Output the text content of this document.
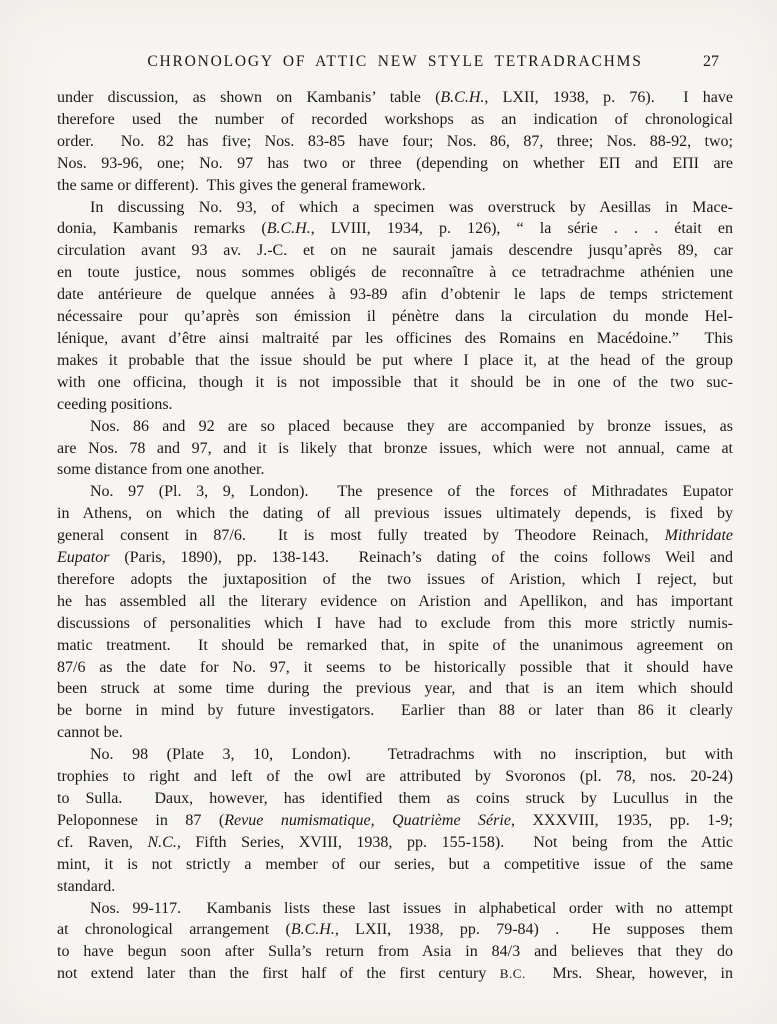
CHRONOLOGY OF ATTIC NEW STYLE TETRADRACHMS	27
under discussion, as shown on Kambanis’ table (B.C.H., LXII, 1938, p. 76).  I have
therefore used the number of recorded workshops as an indication of chronological
order.  No. 82 has five; Nos. 83-85 have four; Nos. 86, 87, three; Nos. 88-92, two;
Nos. 93-96, one; No. 97 has two or three (depending on whether ΕΠ and ΕΠΙ are
the same or different).  This gives the general framework.
In discussing No. 93, of which a specimen was overstruck by Aesillas in Mace-
donia, Kambanis remarks (B.C.H., LVIII, 1934, p. 126), “ la série . . . était en
circulation avant 93 av. J.-C. et on ne saurait jamais descendre jusqu’après 89, car
en toute justice, nous sommes obligés de reconnaître à ce tetradrachme athénien une
date antérieure de quelque années à 93-89 afin d’obtenir le laps de temps strictement
nécessaire pour qu’après son émission il pénètre dans la circulation du monde Hel-
lénique, avant d’être ainsi maltraité par les officines des Romains en Macédoine.”  This
makes it probable that the issue should be put where I place it, at the head of the group
with one officina, though it is not impossible that it should be in one of the two suc-
ceeding positions.
Nos. 86 and 92 are so placed because they are accompanied by bronze issues, as
are Nos. 78 and 97, and it is likely that bronze issues, which were not annual, came at
some distance from one another.
No. 97 (Pl. 3, 9, London).  The presence of the forces of Mithradates Eupator
in Athens, on which the dating of all previous issues ultimately depends, is fixed by
general consent in 87/6.  It is most fully treated by Theodore Reinach, Mithridate
Eupator (Paris, 1890), pp. 138-143.  Reinach’s dating of the coins follows Weil and
therefore adopts the juxtaposition of the two issues of Aristion, which I reject, but
he has assembled all the literary evidence on Aristion and Apellikon, and has important
discussions of personalities which I have had to exclude from this more strictly numis-
matic treatment.  It should be remarked that, in spite of the unanimous agreement on
87/6 as the date for No. 97, it seems to be historically possible that it should have
been struck at some time during the previous year, and that is an item which should
be borne in mind by future investigators.  Earlier than 88 or later than 86 it clearly
cannot be.
No. 98 (Plate 3, 10, London).  Tetradrachms with no inscription, but with
trophies to right and left of the owl are attributed by Svoronos (pl. 78, nos. 20-24)
to Sulla.  Daux, however, has identified them as coins struck by Lucullus in the
Peloponnese in 87 (Revue numismatique, Quatrième Série, XXXVIII, 1935, pp. 1-9;
cf. Raven, N.C., Fifth Series, XVIII, 1938, pp. 155-158).  Not being from the Attic
mint, it is not strictly a member of our series, but a competitive issue of the same
standard.
Nos. 99-117.  Kambanis lists these last issues in alphabetical order with no attempt
at chronological arrangement (B.C.H., LXII, 1938, pp. 79-84) .  He supposes them
to have begun soon after Sulla’s return from Asia in 84/3 and believes that they do
not extend later than the first half of the first century B.C.  Mrs. Shear, however, in
